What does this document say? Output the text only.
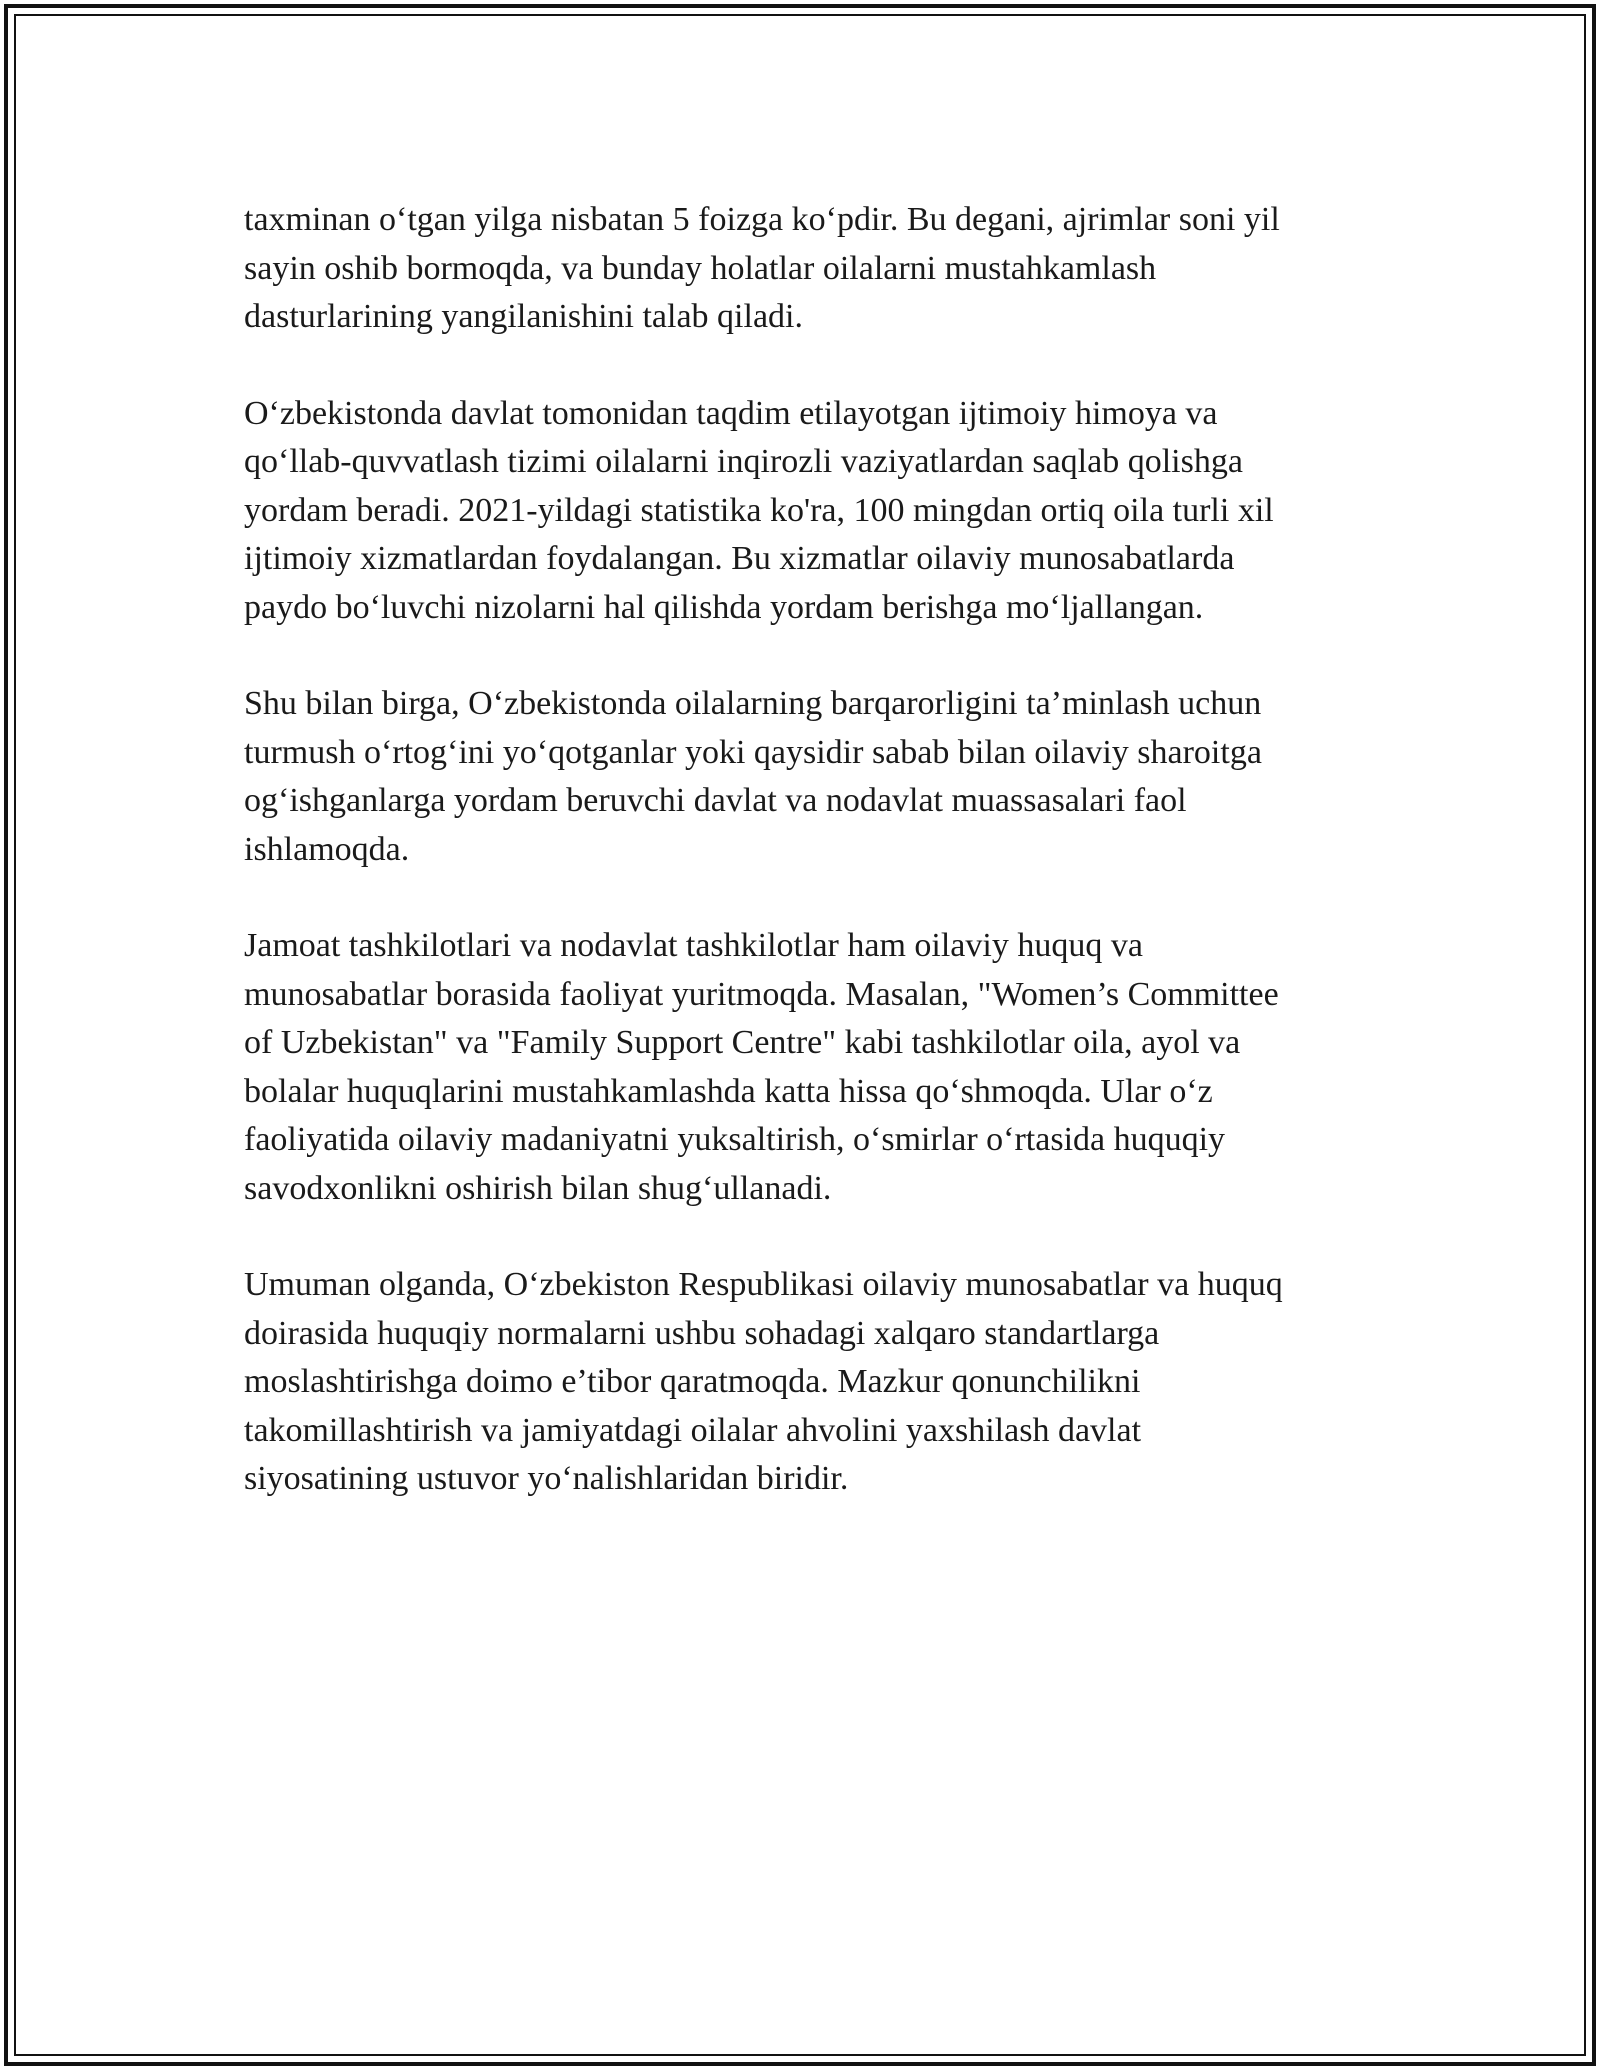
taxminan o‘tgan yilga nisbatan 5 foizga ko‘pdir. Bu degani, ajrimlar soni yil
sayin oshib bormoqda, va bunday holatlar oilalarni mustahkamlash
dasturlarining yangilanishini talab qiladi.

O‘zbekistonda davlat tomonidan taqdim etilayotgan ijtimoiy himoya va
qo‘llab-quvvatlash tizimi oilalarni inqirozli vaziyatlardan saqlab qolishga
yordam beradi. 2021-yildagi statistika ko'ra, 100 mingdan ortiq oila turli xil
ijtimoiy xizmatlardan foydalangan. Bu xizmatlar oilaviy munosabatlarda
paydo bo‘luvchi nizolarni hal qilishda yordam berishga mo‘ljallangan.

Shu bilan birga, O‘zbekistonda oilalarning barqarorligini ta’minlash uchun
turmush o‘rtog‘ini yo‘qotganlar yoki qaysidir sabab bilan oilaviy sharoitga
og‘ishganlarga yordam beruvchi davlat va nodavlat muassasalari faol
ishlamoqda.

Jamoat tashkilotlari va nodavlat tashkilotlar ham oilaviy huquq va
munosabatlar borasida faoliyat yuritmoqda. Masalan, "Women’s Committee
of Uzbekistan" va "Family Support Centre" kabi tashkilotlar oila, ayol va
bolalar huquqlarini mustahkamlashda katta hissa qo‘shmoqda. Ular o‘z
faoliyatida oilaviy madaniyatni yuksaltirish, o‘smirlar o‘rtasida huquqiy
savodxonlikni oshirish bilan shug‘ullanadi.

Umuman olganda, O‘zbekiston Respublikasi oilaviy munosabatlar va huquq
doirasida huquqiy normalarni ushbu sohadagi xalqaro standartlarga
moslashtirishga doimo e’tibor qaratmoqda. Mazkur qonunchilikni
takomillashtirish va jamiyatdagi oilalar ahvolini yaxshilash davlat
siyosatining ustuvor yo‘nalishlaridan biridir.
